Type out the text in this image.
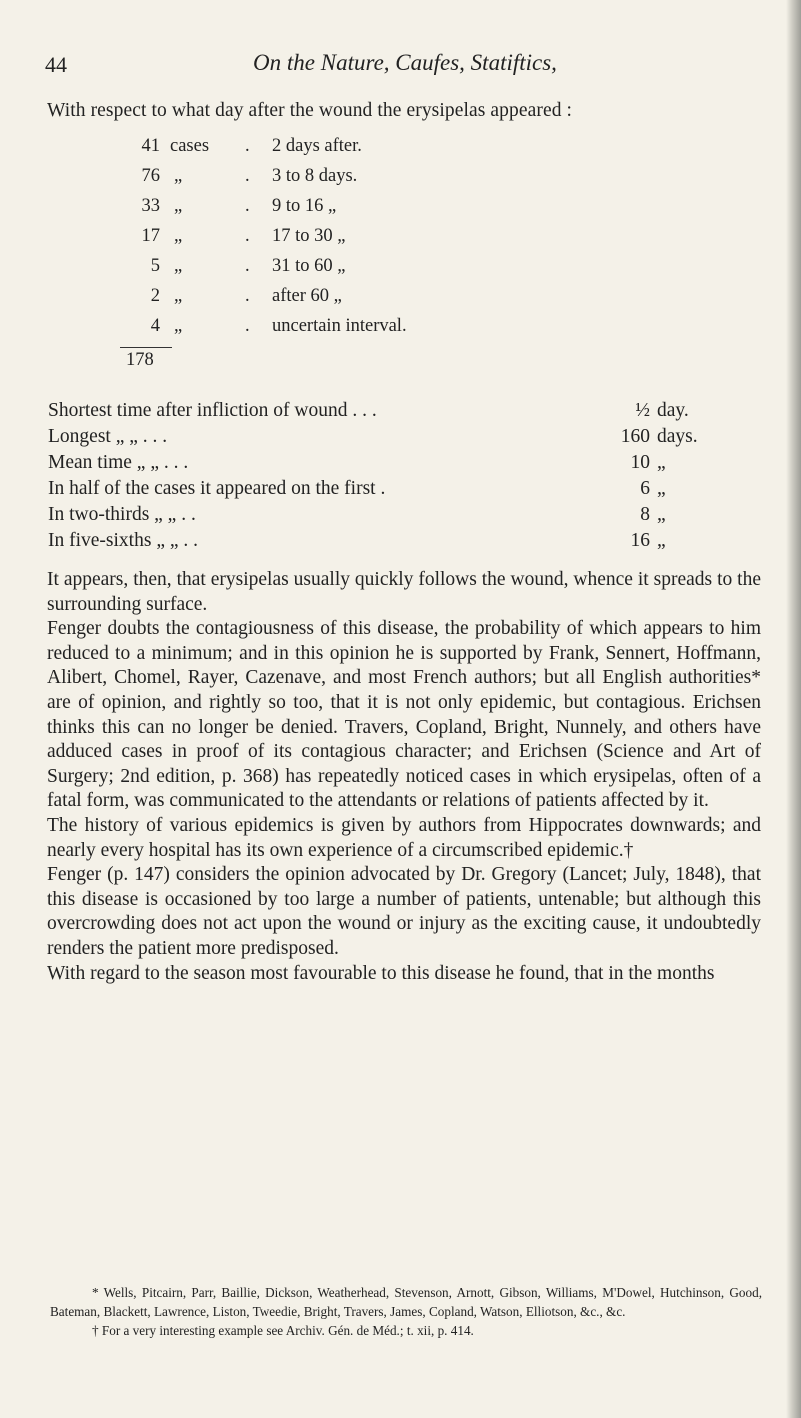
44	On the Nature, Caufes, Statiftics,
With respect to what day after the wound the erysipelas appeared :
41 cases . 2 days after.
76 „	. 3 to 8 days.
33 „	. 9 to 16 „
17 „	. 17 to 30 „
5 „	. 31 to 60 „
2 „	. after 60 „
4 „	. uncertain interval.
178
Shortest time after infliction of wound . . .	½ day.
Longest „ „ . . .	160 days.
Mean time „ „ . . .	10 „
In half of the cases it appeared on the first .	6 „
In two-thirds „ „ . .	8 „
In five-sixths „ „ . .	16 „

It appears, then, that erysipelas usually quickly follows the wound, whence it spreads to the surrounding surface.

Fenger doubts the contagiousness of this disease, the probability of which appears to him reduced to a minimum; and in this opinion he is supported by Frank, Sennert, Hoffmann, Alibert, Chomel, Rayer, Cazenave, and most French authors; but all English authorities* are of opinion, and rightly so too, that it is not only epidemic, but contagious. Erichsen thinks this can no longer be denied. Travers, Copland, Bright, Nunnely, and others have adduced cases in proof of its contagious character; and Erichsen (Science and Art of Surgery; 2nd edition, p. 368) has repeatedly noticed cases in which erysipelas, often of a fatal form, was communicated to the attendants or relations of patients affected by it.

The history of various epidemics is given by authors from Hippocrates downwards; and nearly every hospital has its own experience of a circumscribed epidemic.†

Fenger (p. 147) considers the opinion advocated by Dr. Gregory (Lancet; July, 1848), that this disease is occasioned by too large a number of patients, untenable; but although this overcrowding does not act upon the wound or injury as the exciting cause, it undoubtedly renders the patient more predisposed.

With regard to the season most favourable to this disease he found, that in the months

* Wells, Pitcairn, Parr, Baillie, Dickson, Weatherhead, Stevenson, Arnott, Gibson, Williams, M'Dowel, Hutchinson, Good, Bateman, Blackett, Lawrence, Liston, Tweedie, Bright, Travers, James, Copland, Watson, Elliotson, &c., &c.

† For a very interesting example see Archiv. Gén. de Méd.; t. xii, p. 414.
